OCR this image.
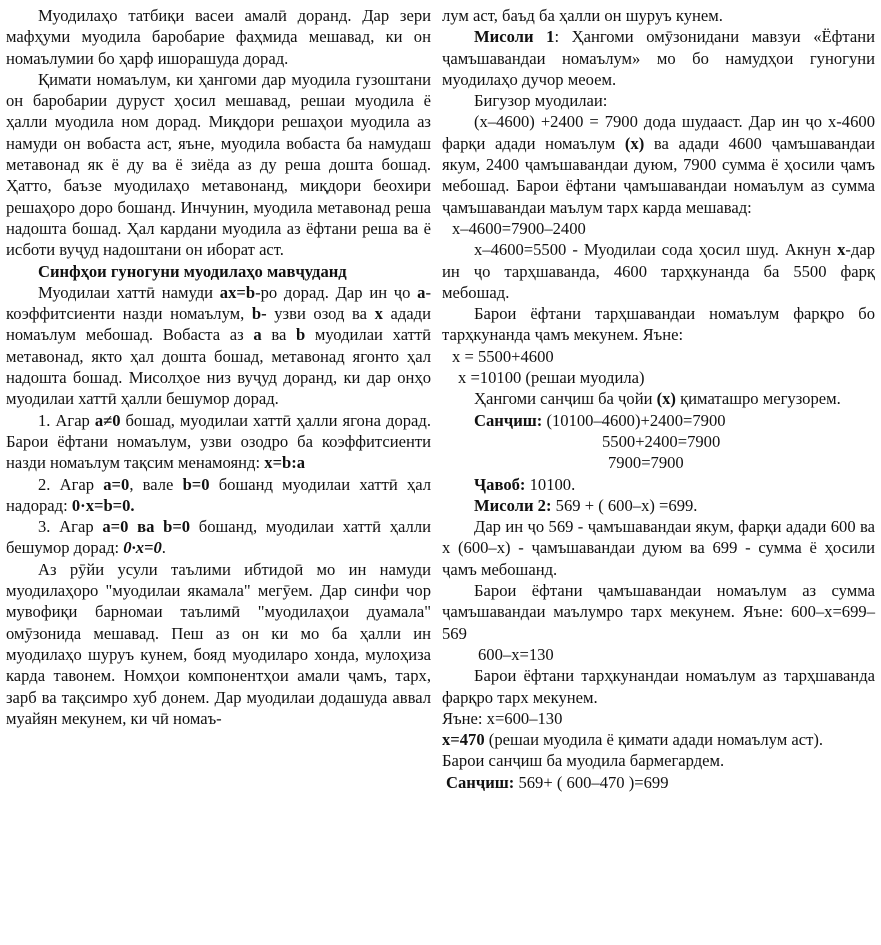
Муодилаҳо татбиқи васеи амалӣ доранд. Дар зери мафҳуми муодила баробарие фаҳмида мешавад, ки он номаълумии бо ҳарф ишорашуда дорад.

Қимати номаълум, ки ҳангоми дар муодила гузоштани он баробарии дуруст ҳосил мешавад, решаи муодила ё ҳалли муодила ном дорад. Миқдори решаҳои муодила аз намуди он вобаста аст, яъне, муодила вобаста ба намудаш метавонад як ё ду ва ё зиёда аз ду реша дошта бошад. Ҳатто, баъзе муодилаҳо метавонанд, миқдори беохири решаҳоро доро бошанд. Инчунин, муодила метавонад реша надошта бошад. Ҳал кардани муодила аз ёфтани реша ва ё исботи вуҷуд надоштани он иборат аст.

Синфҳои гуногуни муодилаҳо мавҷуданд

Муодилаи хаттӣ намуди ax=b-ро дорад. Дар ин ҷо a- коэффитсиенти назди номаълум, b- узви озод ва x адади номаълум мебошад. Вобаста аз a ва b муодилаи хаттӣ метавонад, якто ҳал дошта бошад, метавонад ягонто ҳал надошта бошад. Мисолҳое низ вуҷуд доранд, ки дар онҳо муодилаи хаттӣ ҳалли бешумор дорад.

1. Агар a≠0 бошад, муодилаи хаттӣ ҳалли ягона дорад. Барои ёфтани номаълум, узви озодро ба коэффитсиенти назди номаълум тақсим менамоянд: x=b:a

2. Агар a=0, вале b=0 бошанд муодилаи хаттӣ ҳал надорад: 0·x=b=0.

3. Агар a=0 ва b=0 бошанд, муодилаи хаттӣ ҳалли бешумор дорад: 0·x=0.

Аз рӯйи усули таълими ибтидоӣ мо ин намуди муодилаҳоро "муодилаи якамала" мегӯем. Дар синфи чор мувофиқи барномаи таълимӣ "муодилаҳои дуамала" омӯзонида мешавад. Пеш аз он ки мо ба ҳалли ин муодилаҳо шуруъ кунем, бояд муодиларо хонда, мулоҳиза карда тавонем. Номҳои компонентҳои амали ҷамъ, тарх, зарб ва тақсимро хуб донем. Дар муодилаи додашуда аввал муайян мекунем, ки чӣ номаъ-

лум аст, баъд ба ҳалли он шуруъ кунем.

Мисоли 1: Ҳангоми омӯзонидани мавзуи «Ёфтани ҷамъшавандаи номаълум» мо бо намудҳои гуногуни муодилаҳо дучор меоем.

Бигузор муодилаи:

(x–4600) +2400 = 7900 дода шудааст. Дар ин ҷо x-4600 фарқи адади номаълум (x) ва адади 4600 ҷамъшавандаи якум, 2400 ҷамъшавандаи дуюм, 7900 сумма ё ҳосили ҷамъ мебошад. Барои ёфтани ҷамъшавандаи номаълум аз сумма ҷамъшавандаи маълум тарх карда мешавад:

x–4600=7900–2400

x–4600=5500 - Муодилаи сода ҳосил шуд. Акнун x-дар ин ҷо тарҳшаванда, 4600 тарҳкунанда ба 5500 фарқ мебошад.

Барои ёфтани тарҳшавандаи номаълум фарқро бо тарҳкунанда ҷамъ мекунем. Яъне:

x = 5500+4600

x =10100 (решаи муодила)

Ҳангоми санҷиш ба ҷойи (x) қиматашро мегузорем.

Санҷиш: (10100–4600)+2400=7900

5500+2400=7900

7900=7900

Ҷавоб: 10100.

Мисоли 2: 569 + ( 600–x) =699.

Дар ин ҷо 569 - ҷамъшавандаи якум, фарқи адади 600 ва x (600–x) - ҷамъшавандаи дуюм ва 699 - сумма ё ҳосили ҷамъ мебошанд.

Барои ёфтани ҷамъшавандаи номаълум аз сумма ҷамъшавандаи маълумро тарх мекунем. Яъне: 600–x=699–569

600–x=130

Барои ёфтани тарҳкунандаи номаълум аз тарҳшаванда фарқро тарх мекунем.

Яъне: x=600–130

x=470 (решаи муодила ё қимати адади номаълум аст).

Барои санҷиш ба муодила бармегардем.

Санҷиш: 569+ ( 600–470 )=699
